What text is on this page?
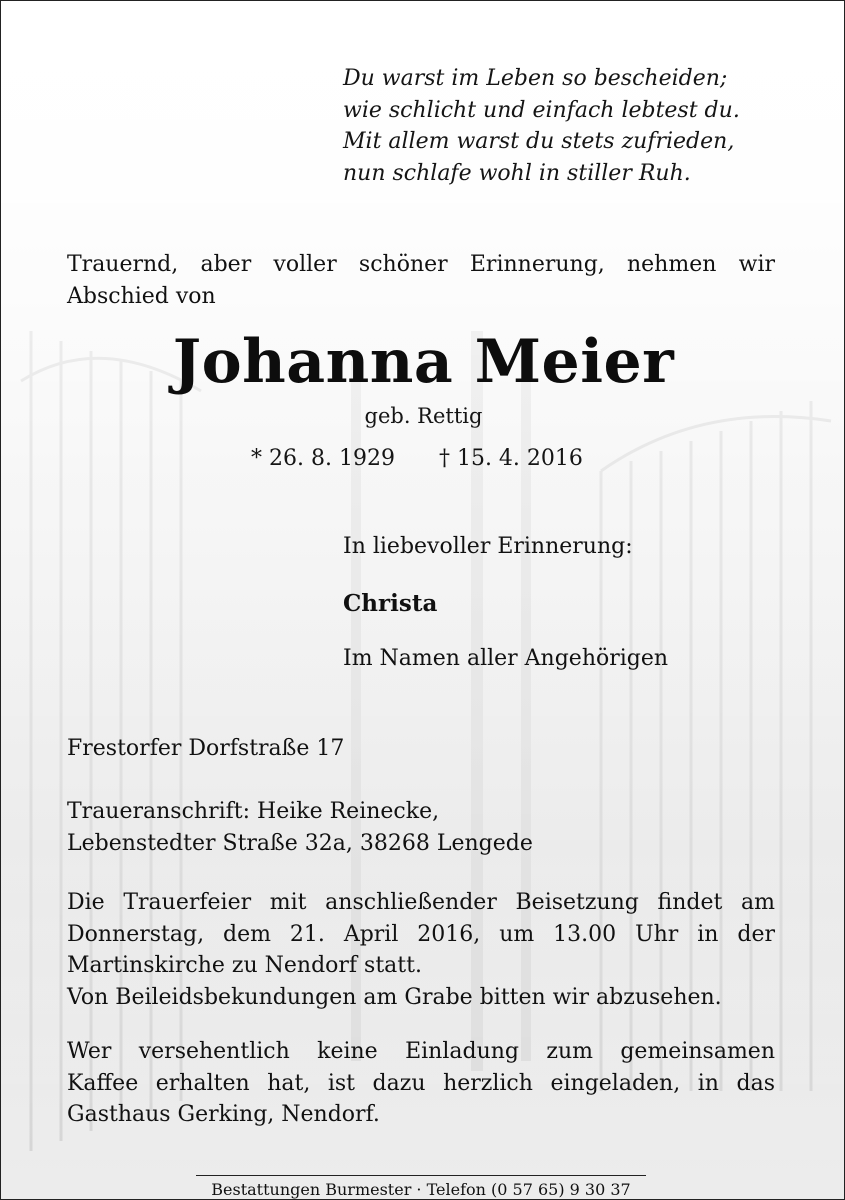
Du warst im Leben so bescheiden;
wie schlicht und einfach lebtest du.
Mit allem warst du stets zufrieden,
nun schlafe wohl in stiller Ruh.
Trauernd, aber voller schöner Erinnerung, nehmen wir Abschied von
Johanna Meier
geb. Rettig
* 26. 8. 1929 † 15. 4. 2016
In liebevoller Erinnerung:
Christa
Im Namen aller Angehörigen
Frestorfer Dorfstraße 17
Traueranschrift: Heike Reinecke,
Lebenstedter Straße 32a, 38268 Lengede
Die Trauerfeier mit anschließender Beisetzung findet am
Donnerstag, dem 21. April 2016, um 13.00 Uhr in der
Martinskirche zu Nendorf statt.
Von Beileidsbekundungen am Grabe bitten wir abzusehen.
Wer versehentlich keine Einladung zum gemeinsamen
Kaffee erhalten hat, ist dazu herzlich eingeladen, in das
Gasthaus Gerking, Nendorf.
Bestattungen Burmester · Telefon (0 57 65) 9 30 37
